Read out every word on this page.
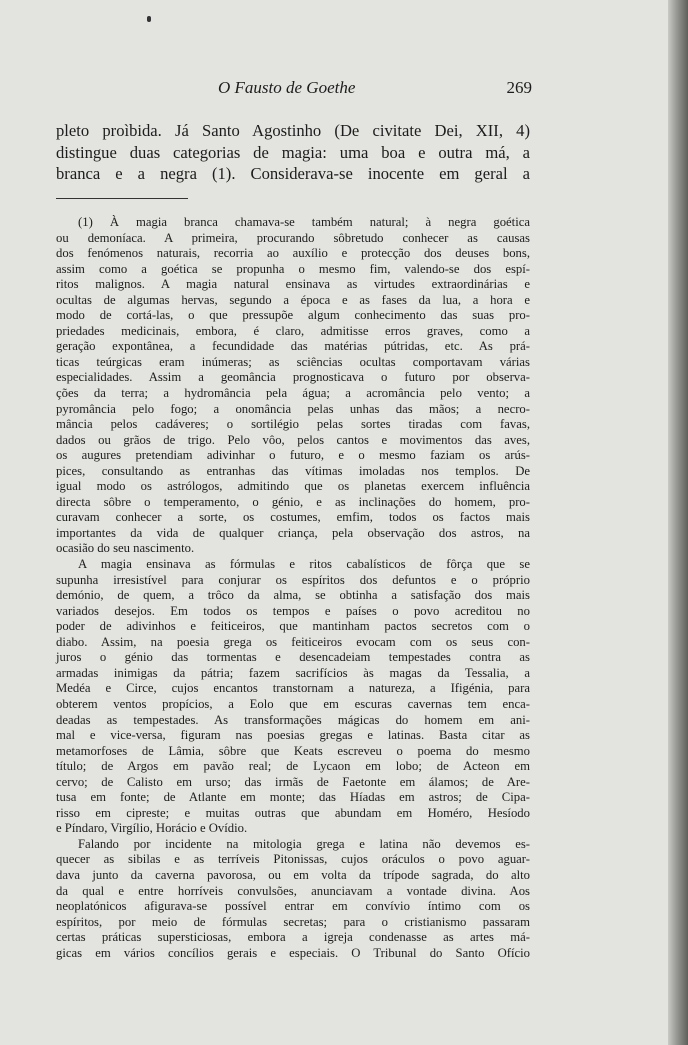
O Fausto de Goethe	269
pleto proìbida. Já Santo Agostinho (De civitate Dei, XII, 4)
distingue duas categorias de magia: uma boa e outra má, a
branca e a negra (1). Considerava-se inocente em geral a
(1) À magia branca chamava-se também natural; à negra goética
ou demoníaca. A primeira, procurando sôbretudo conhecer as causas
dos fenómenos naturais, recorria ao auxílio e protecção dos deuses bons,
assim como a goética se propunha o mesmo fim, valendo-se dos espí-
ritos malignos. A magia natural ensinava as virtudes extraordinárias e
ocultas de algumas hervas, segundo a época e as fases da lua, a hora e
modo de cortá-las, o que pressupõe algum conhecimento das suas pro-
priedades medicinais, embora, é claro, admitisse erros graves, como a
geração expontânea, a fecundidade das matérias pútridas, etc. As prá-
ticas teúrgicas eram inúmeras; as sciências ocultas comportavam várias
especialidades. Assim a geomância prognosticava o futuro por observa-
ções da terra; a hydromância pela água; a acromância pelo vento; a
pyromância pelo fogo; a onomância pelas unhas das mãos; a necro-
mância pelos cadáveres; o sortilégio pelas sortes tiradas com favas,
dados ou grãos de trigo. Pelo vôo, pelos cantos e movimentos das aves,
os augures pretendiam adivinhar o futuro, e o mesmo faziam os arús-
pices, consultando as entranhas das vítimas imoladas nos templos. De
igual modo os astrólogos, admitindo que os planetas exercem influência
directa sôbre o temperamento, o génio, e as inclinações do homem, pro-
curavam conhecer a sorte, os costumes, emfim, todos os factos mais
importantes da vida de qualquer criança, pela observação dos astros, na
ocasião do seu nascimento.
A magia ensinava as fórmulas e ritos cabalísticos de fôrça que se
supunha irresistível para conjurar os espíritos dos defuntos e o próprio
demónio, de quem, a trôco da alma, se obtinha a satisfação dos mais
variados desejos. Em todos os tempos e países o povo acreditou no
poder de adivinhos e feiticeiros, que mantinham pactos secretos com o
diabo. Assim, na poesia grega os feiticeiros evocam com os seus con-
juros o génio das tormentas e desencadeiam tempestades contra as
armadas inimigas da pátria; fazem sacrifícios às magas da Tessalia, a
Medéa e Circe, cujos encantos transtornam a natureza, a Ifigénia, para
obterem ventos propícios, a Eolo que em escuras cavernas tem enca-
deadas as tempestades. As transformações mágicas do homem em ani-
mal e vice-versa, figuram nas poesias gregas e latinas. Basta citar as
metamorfoses de Lâmia, sôbre que Keats escreveu o poema do mesmo
título; de Argos em pavão real; de Lycaon em lobo; de Acteon em
cervo; de Calisto em urso; das irmãs de Faetonte em álamos; de Are-
tusa em fonte; de Atlante em monte; das Híadas em astros; de Cipa-
risso em cipreste; e muitas outras que abundam em Homéro, Hesíodo
e Píndaro, Virgílio, Horácio e Ovídio.
Falando por incidente na mitologia grega e latina não devemos es-
quecer as sibilas e as terríveis Pitonissas, cujos oráculos o povo aguar-
dava junto da caverna pavorosa, ou em volta da trípode sagrada, do alto
da qual e entre horríveis convulsões, anunciavam a vontade divina. Aos
neoplatónicos afigurava-se possível entrar em convívio íntimo com os
espíritos, por meio de fórmulas secretas; para o cristianismo passaram
certas práticas supersticiosas, embora a igreja condenasse as artes má-
gicas em vários concílios gerais e especiais. O Tribunal do Santo Ofício
